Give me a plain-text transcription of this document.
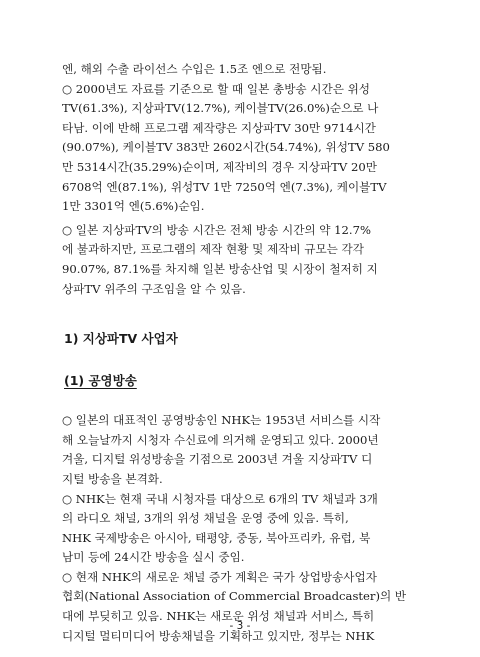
엔, 해외 수출 라이선스 수입은 1.5조 엔으로 전망됨.
○ 2000년도 자료를 기준으로 할 때 일본 총방송 시간은 위성
TV(61.3%), 지상파TV(12.7%), 케이블TV(26.0%)순으로 나
타남. 이에 반해 프로그램 제작량은 지상파TV 30만 9714시간
(90.07%), 케이블TV 383만 2602시간(54.74%), 위성TV 580
만 5314시간(35.29%)순이며, 제작비의 경우 지상파TV 20만
6708억 엔(87.1%), 위성TV 1만 7250억 엔(7.3%), 케이블TV
1만 3301억 엔(5.6%)순임.
○ 일본 지상파TV의 방송 시간은 전체 방송 시간의 약 12.7%
에 불과하지만, 프로그램의 제작 현황 및 제작비 규모는 각각
90.07%, 87.1%를 차지해 일본 방송산업 및 시장이 철저히 지
상파TV 위주의 구조임을 알 수 있음.
1) 지상파TV 사업자
(1) 공영방송
○ 일본의 대표적인 공영방송인 NHK는 1953년 서비스를 시작
해 오늘날까지 시청자 수신료에 의거해 운영되고 있다. 2000년
겨울, 디지털 위성방송을 기점으로 2003년 겨울 지상파TV 디
지털 방송을 본격화.
○ NHK는 현재 국내 시청자를 대상으로 6개의 TV 채널과 3개
의 라디오 채널, 3개의 위성 채널을 운영 중에 있음. 특히,
NHK 국제방송은 아시아, 태평양, 중동, 북아프리카, 유럽, 북
남미 등에 24시간 방송을 실시 중임.
○ 현재 NHK의 새로운 채널 증가 계획은 국가 상업방송사업자
협회(National Association of Commercial Broadcaster)의 반
대에 부딪히고 있음. NHK는 새로운 위성 채널과 서비스, 특히
디지털 멀티미디어 방송채널을 기획하고 있지만, 정부는 NHK
- 3 -
